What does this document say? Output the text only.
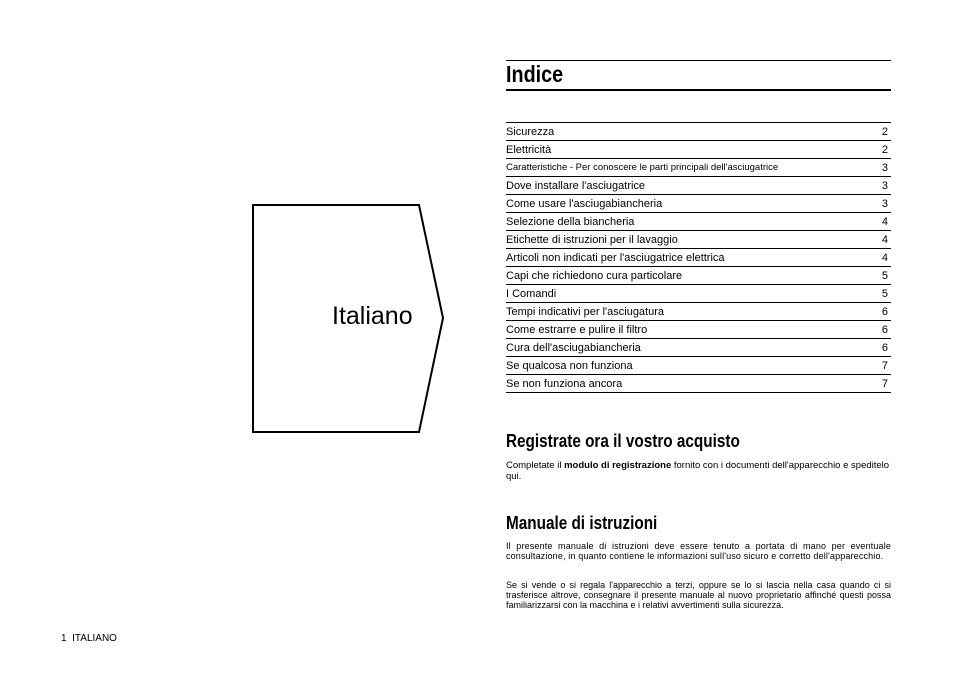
Italiano
Indice
Sicurezza	2
Elettricità	2
Caratteristiche - Per conoscere le parti principali dell'asciugatrice	3
Dove installare l'asciugatrice	3
Come usare l'asciugabiancheria	3
Selezione della biancheria	4
Etichette di istruzioni per il lavaggio	4
Articoli non indicati per l'asciugatrice elettrica	4
Capi che richiedono cura particolare	5
I Comandi	5
Tempi indicativi per l'asciugatura	6
Come estrarre e pulire il filtro	6
Cura dell'asciugabiancheria	6
Se qualcosa non funziona	7
Se non funziona ancora	7
Registrate ora il vostro acquisto
Completate il modulo di registrazione fornito con i documenti dell'apparecchio e speditelo qui.
Manuale di istruzioni
Il presente manuale di istruzioni deve essere tenuto a portata di mano per eventuale consultazione, in quanto contiene le informazioni sull'uso sicuro e corretto dell'apparecchio.
Se si vende o si regala l'apparecchio a terzi, oppure se lo si lascia nella casa quando ci si trasferisce altrove, consegnare il presente manuale al nuovo proprietario affinché questi possa familiarizzarsi con la macchina e i relativi avvertimenti sulla sicurezza.
1 ITALIANO
